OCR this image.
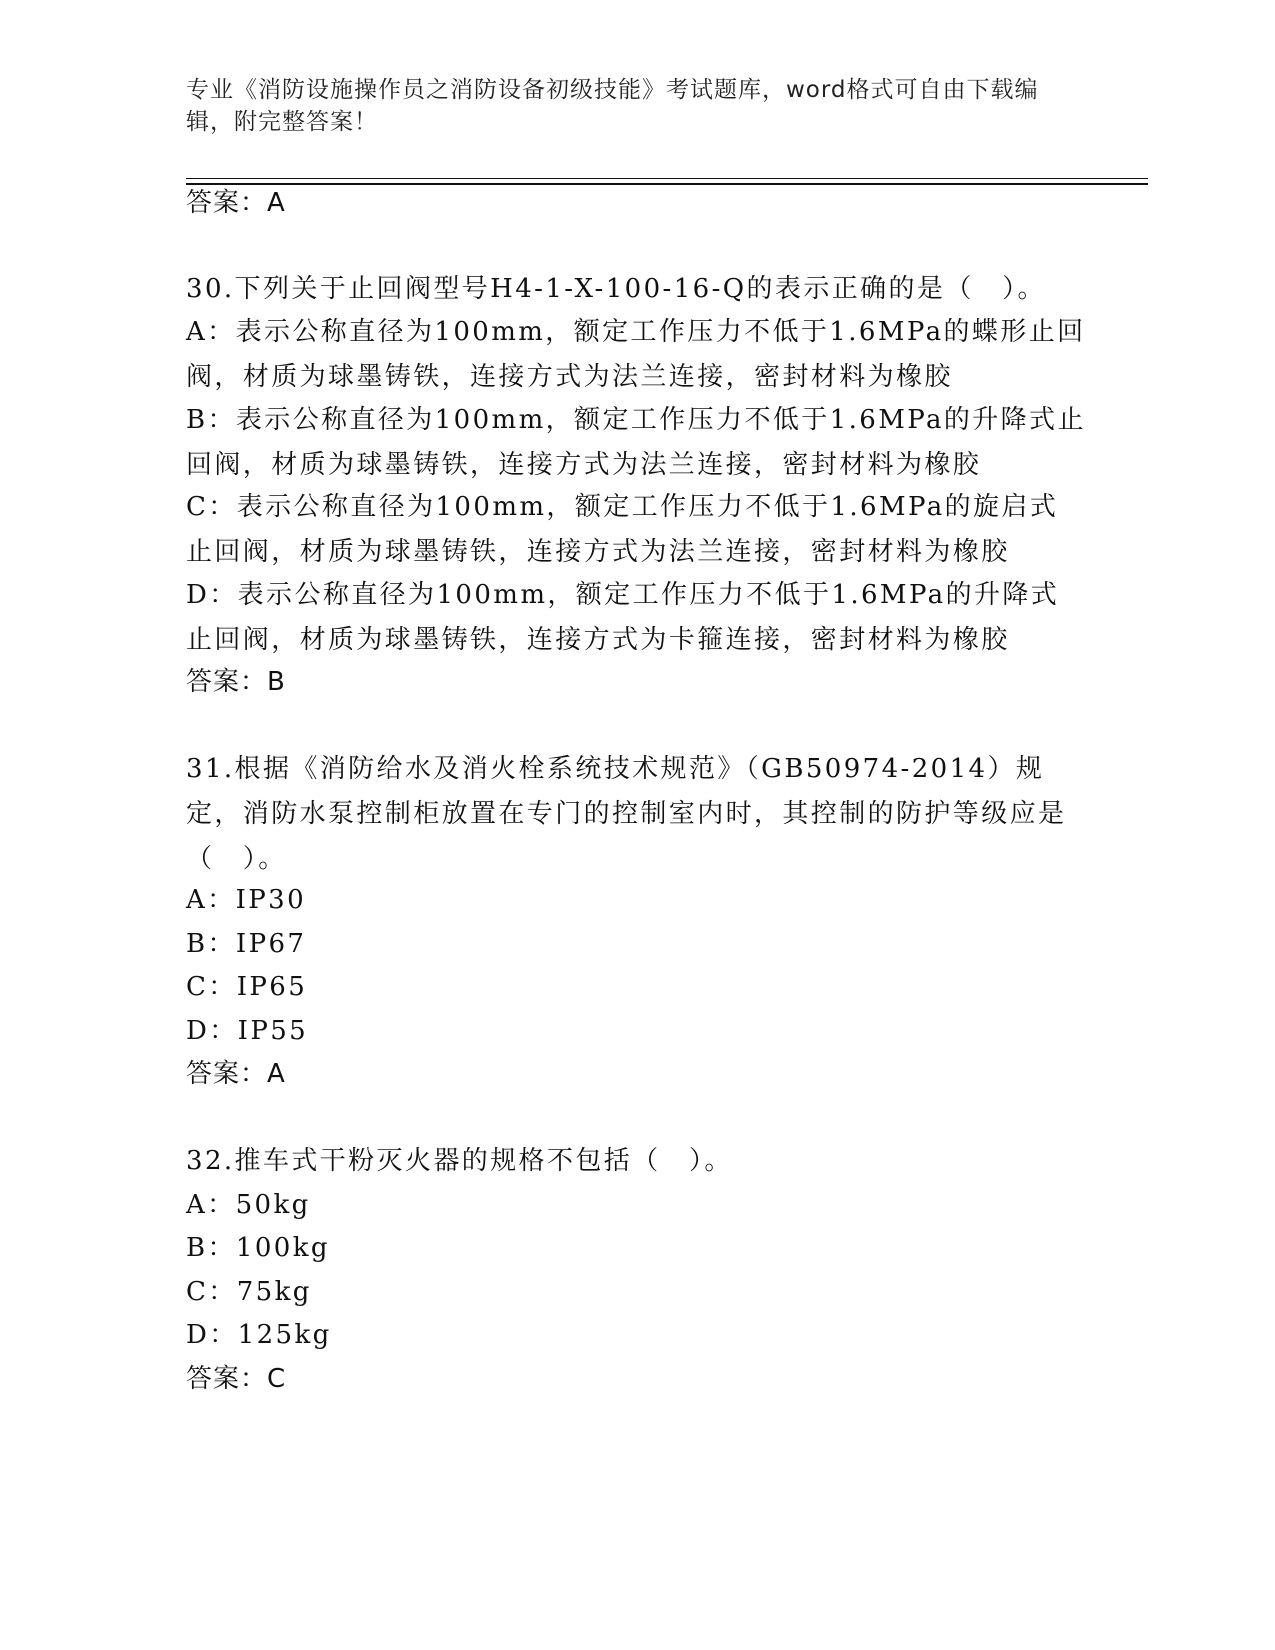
专业《消防设施操作员之消防设备初级技能》考试题库，word格式可自由下载编辑，附完整答案！

答案：A

30.下列关于止回阀型号H4-1-X-100-16-Q的表示正确的是（　）。

A：表示公称直径为100mm，额定工作压力不低于1.6MPa的蝶形止回阀，材质为球墨铸铁，连接方式为法兰连接，密封材料为橡胶

B：表示公称直径为100mm，额定工作压力不低于1.6MPa的升降式止回阀，材质为球墨铸铁，连接方式为法兰连接，密封材料为橡胶

C：表示公称直径为100mm，额定工作压力不低于1.6MPa的旋启式止回阀，材质为球墨铸铁，连接方式为法兰连接，密封材料为橡胶

D：表示公称直径为100mm，额定工作压力不低于1.6MPa的升降式止回阀，材质为球墨铸铁，连接方式为卡箍连接，密封材料为橡胶

答案：B

31.根据《消防给水及消火栓系统技术规范》（GB50974-2014）规定，消防水泵控制柜放置在专门的控制室内时，其控制的防护等级应是（　）。

A：IP30

B：IP67

C：IP65

D：IP55

答案：A

32.推车式干粉灭火器的规格不包括（　）。

A：50kg

B：100kg

C：75kg

D：125kg

答案：C
